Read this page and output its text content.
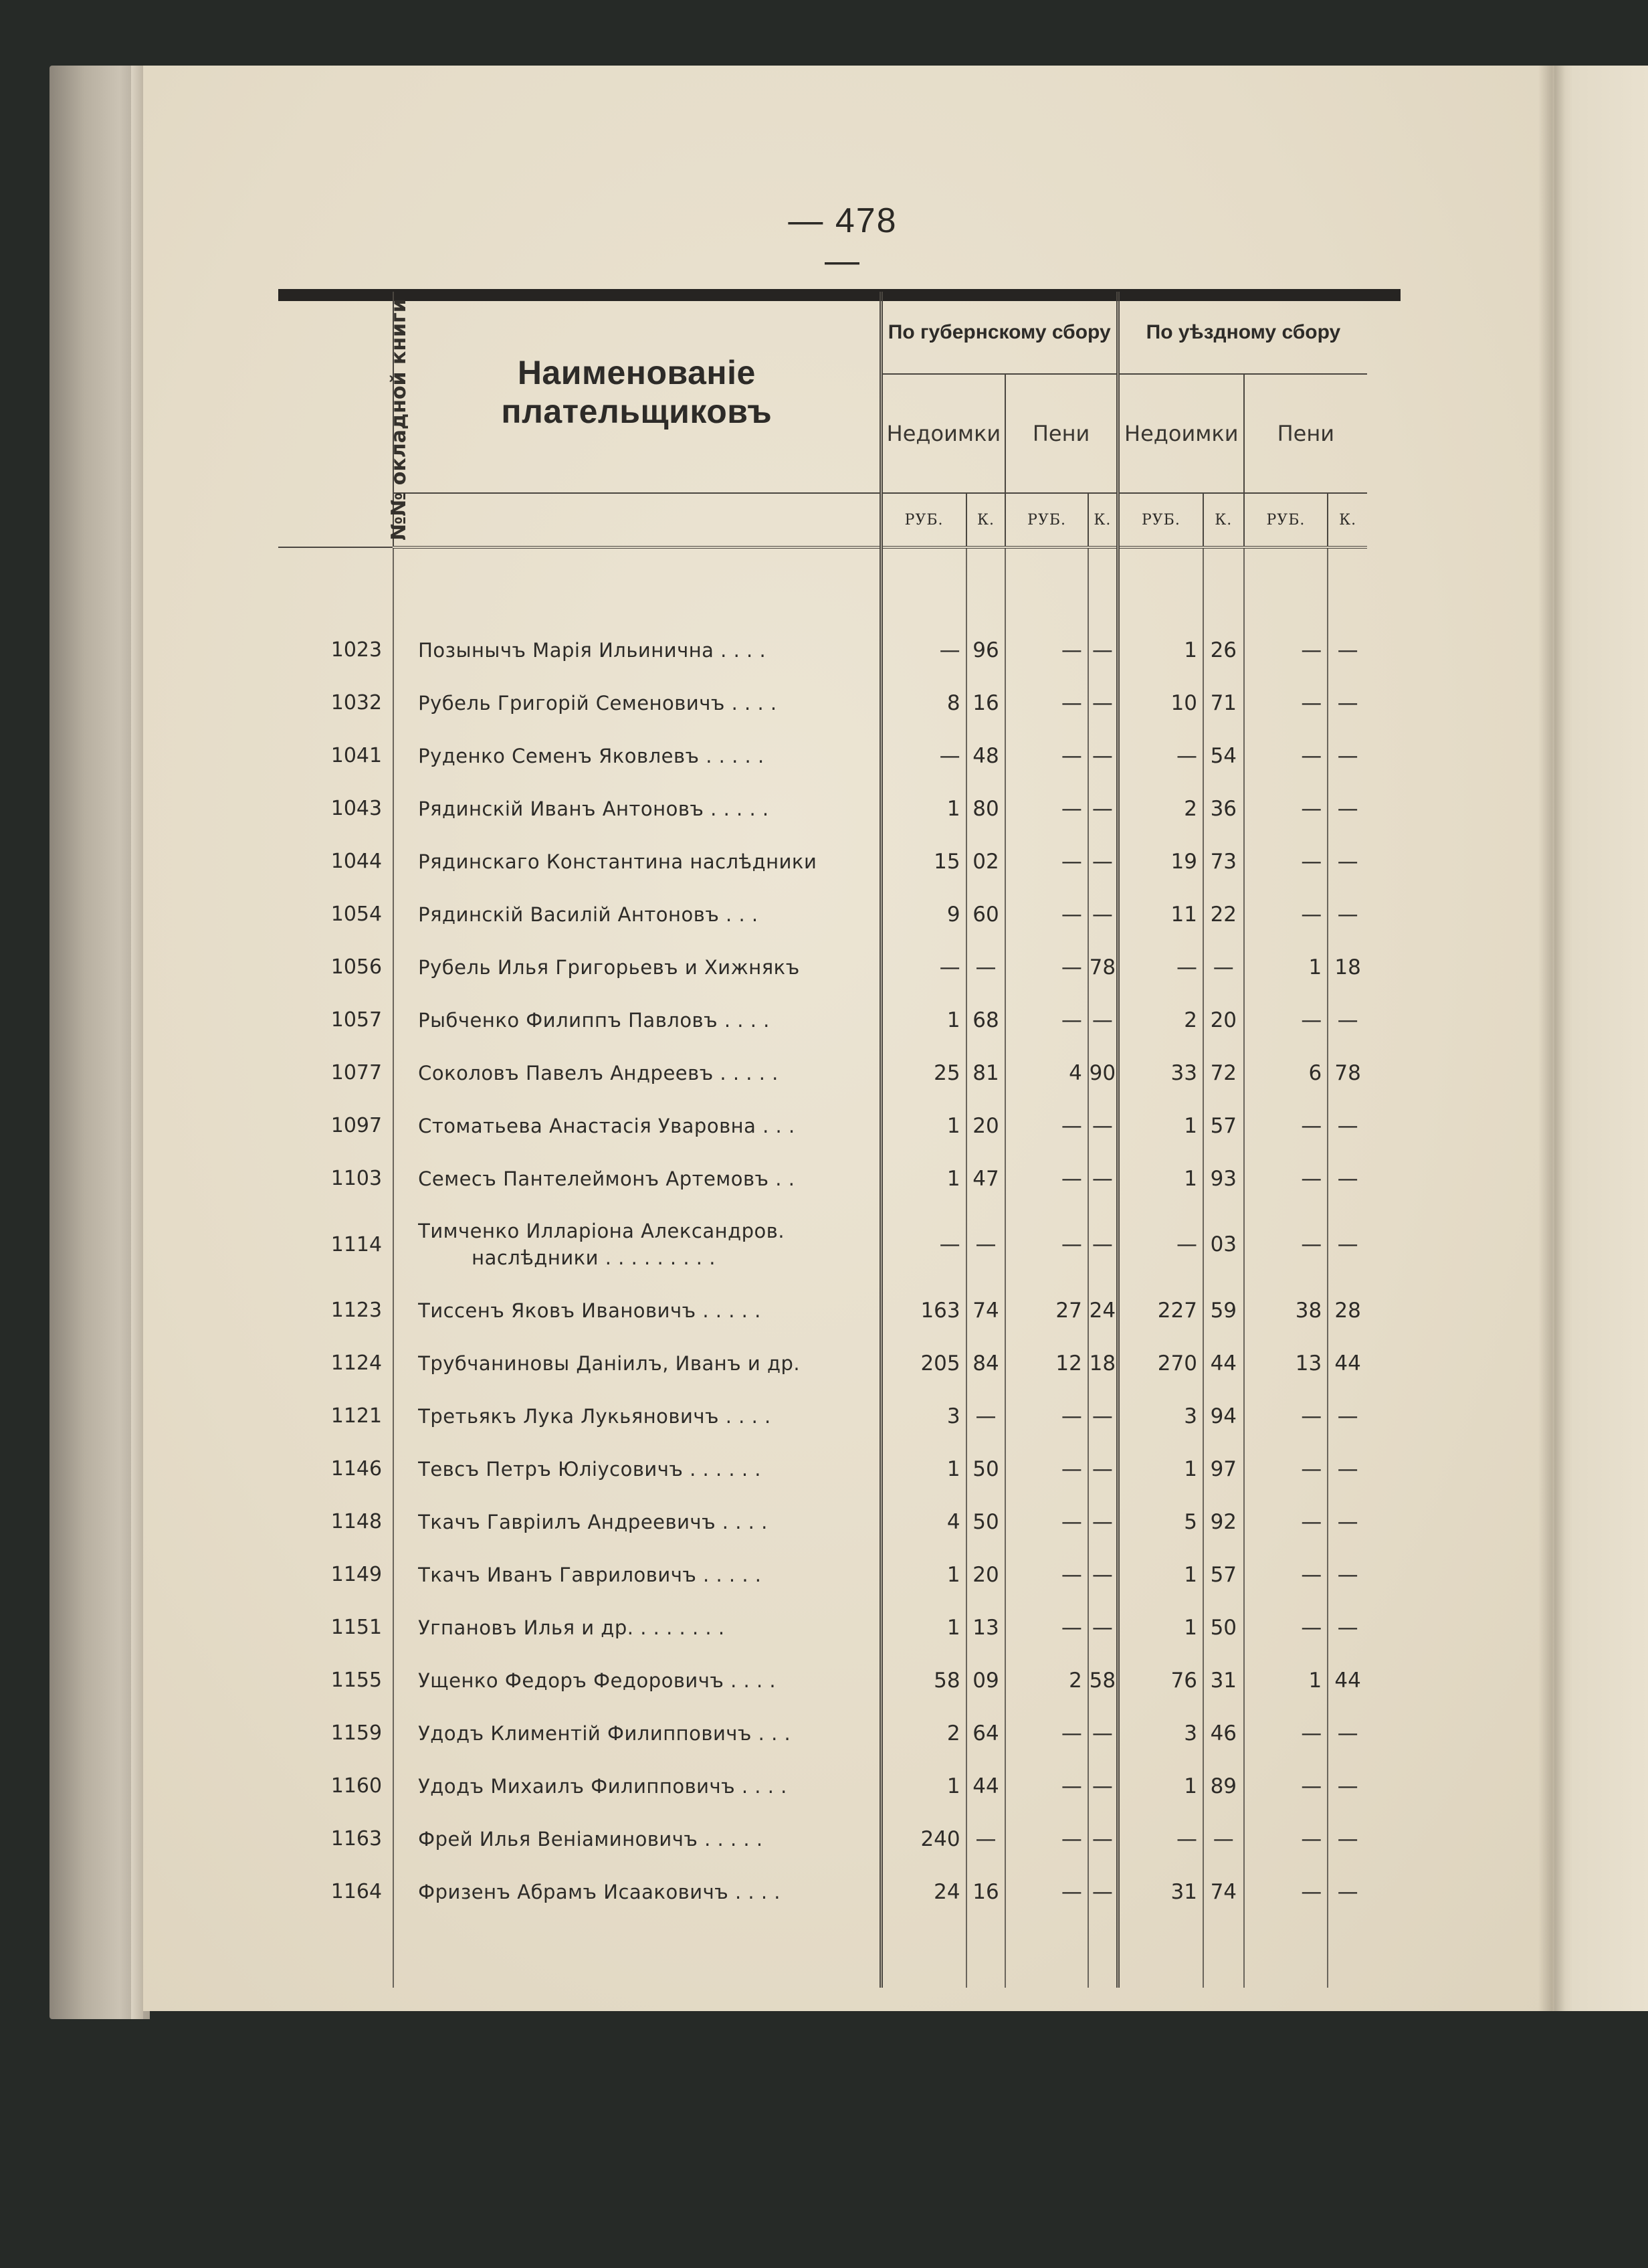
— 478 —
№№ окладной книги	Наименованіе плательщиковъ	По губернскому сбору				По уѣздному сбору			
		Недоимки		Пени		Недоимки		Пени	
		РУБ.	К.	РУБ.	К.	РУБ.	К.	РУБ.	К.

1023	Позынычъ Марія Ильинична . . . .	—	96	—	—	1	26	—	—
1032	Рубель Григорій Семеновичъ . . . .	8	16	—	—	10	71	—	—
1041	Руденко Семенъ Яковлевъ . . . . .	—	48	—	—	—	54	—	—
1043	Рядинскій Иванъ Антоновъ . . . . .	1	80	—	—	2	36	—	—
1044	Рядинскаго Константина наслѣдники	15	02	—	—	19	73	—	—
1054	Рядинскій Василій Антоновъ . . .	9	60	—	—	11	22	—	—
1056	Рубель Илья Григорьевъ и Хижнякъ	—	—	—	78	—	—	1	18
1057	Рыбченко Филиппъ Павловъ . . . .	1	68	—	—	2	20	—	—
1077	Соколовъ Павелъ Андреевъ . . . . .	25	81	4	90	33	72	6	78
1097	Стоматьева Анастасія Уваровна . . .	1	20	—	—	1	57	—	—
1103	Семесъ Пантелеймонъ Артемовъ . .	1	47	—	—	1	93	—	—
1114	Тимченко Илларіона Александров.
наслѣдники . . . . . . . . .	—	—	—	—	—	03	—	—
1123	Тиссенъ Яковъ Ивановичъ . . . . .	163	74	27	24	227	59	38	28
1124	Трубчаниновы Даніилъ, Иванъ и др.	205	84	12	18	270	44	13	44
1121	Третьякъ Лука Лукьяновичъ . . . .	3	—	—	—	3	94	—	—
1146	Тевсъ Петръ Юліусовичъ . . . . . .	1	50	—	—	1	97	—	—
1148	Ткачъ Гавріилъ Андреевичъ . . . .	4	50	—	—	5	92	—	—
1149	Ткачъ Иванъ Гавриловичъ . . . . .	1	20	—	—	1	57	—	—
1151	Угпановъ Илья и др. . . . . . . .	1	13	—	—	1	50	—	—
1155	Ущенко Федоръ Федоровичъ . . . .	58	09	2	58	76	31	1	44
1159	Удодъ Климентій Филипповичъ . . .	2	64	—	—	3	46	—	—
1160	Удодъ Михаилъ Филипповичъ . . . .	1	44	—	—	1	89	—	—
1163	Фрей Илья Веніаминовичъ . . . . .	240	—	—	—	—	—	—	—
1164	Фризенъ Абрамъ Исааковичъ . . . .	24	16	—	—	31	74	—	—
